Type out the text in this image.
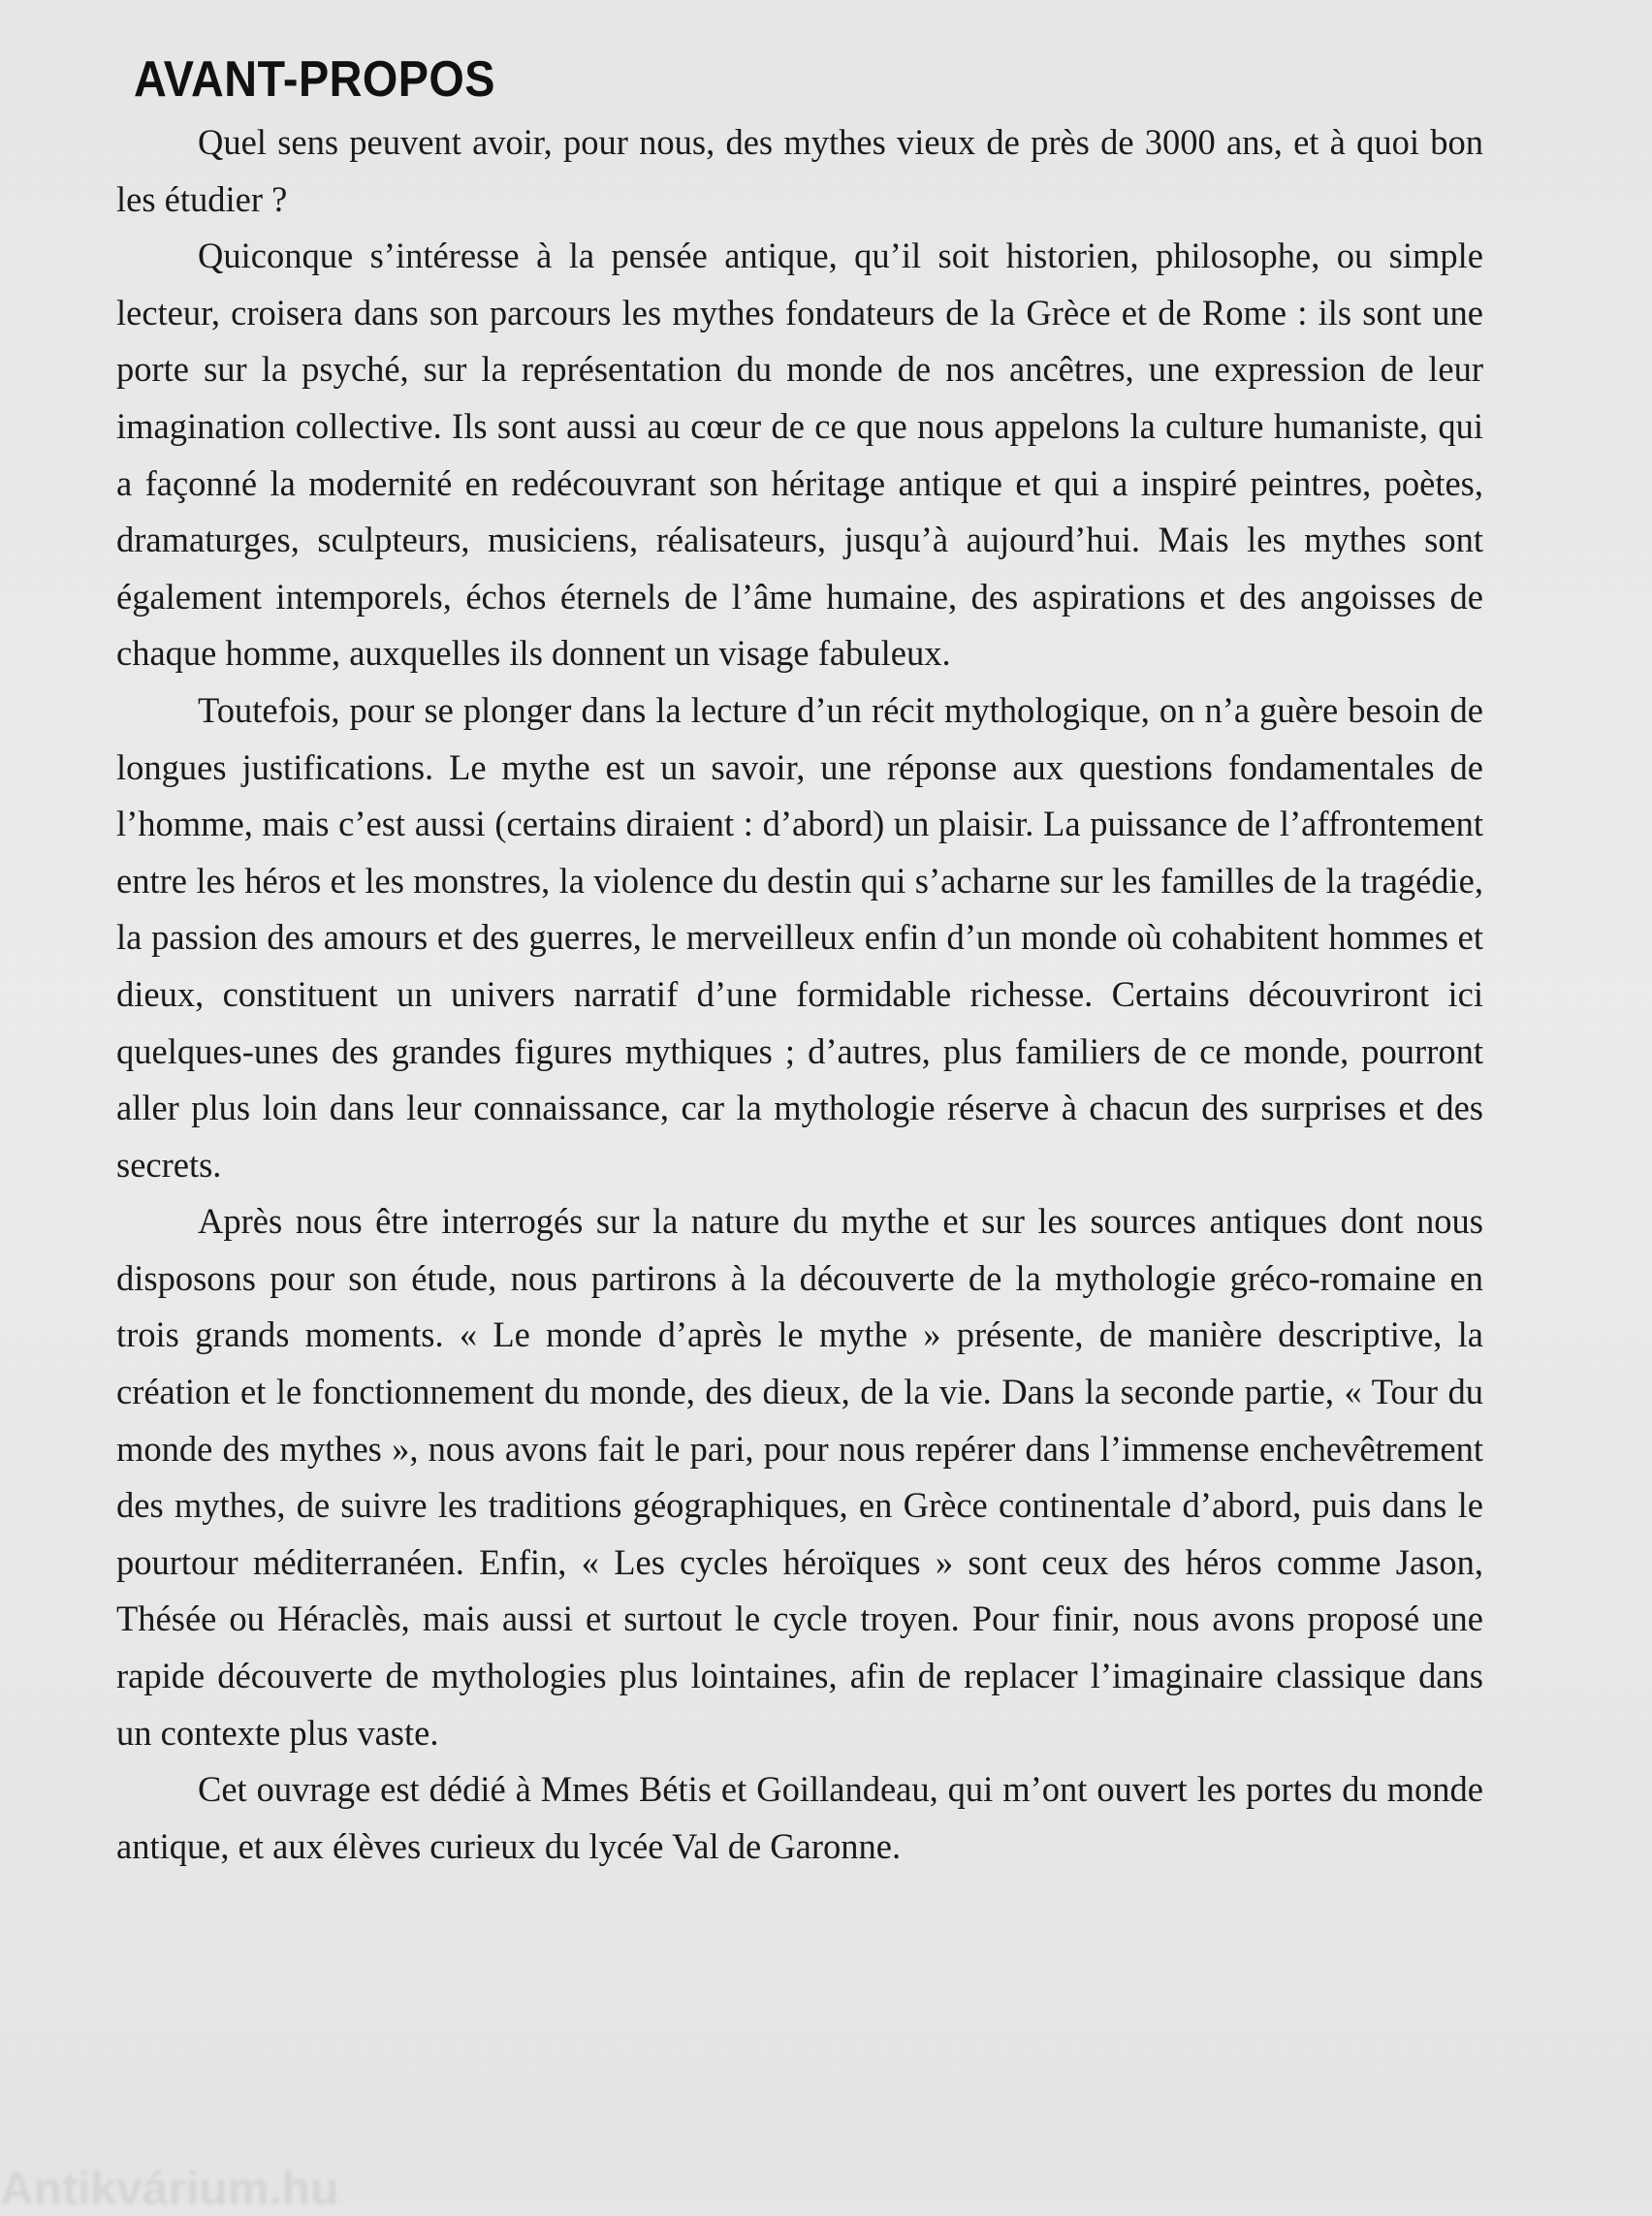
AVANT-PROPOS

Quel sens peuvent avoir, pour nous, des mythes vieux de près de 3000 ans, et à quoi bon les étudier ?

Quiconque s’intéresse à la pensée antique, qu’il soit historien, philosophe, ou simple lecteur, croisera dans son parcours les mythes fondateurs de la Grèce et de Rome : ils sont une porte sur la psyché, sur la représentation du monde de nos ancêtres, une expression de leur imagination collective. Ils sont aussi au cœur de ce que nous appelons la culture humaniste, qui a façonné la modernité en redécouvrant son héritage antique et qui a inspiré peintres, poètes, dramaturges, sculpteurs, musiciens, réalisateurs, jusqu’à aujourd’hui. Mais les mythes sont également intemporels, échos éternels de l’âme humaine, des aspirations et des angoisses de chaque homme, auxquelles ils donnent un visage fabuleux.

Toutefois, pour se plonger dans la lecture d’un récit mythologique, on n’a guère besoin de longues justifications. Le mythe est un savoir, une réponse aux questions fondamentales de l’homme, mais c’est aussi (certains diraient : d’abord) un plaisir. La puissance de l’affrontement entre les héros et les monstres, la violence du destin qui s’acharne sur les familles de la tragédie, la passion des amours et des guerres, le merveilleux enfin d’un monde où cohabitent hommes et dieux, constituent un univers narratif d’une formidable richesse. Certains découvriront ici quelques-unes des grandes figures mythiques ; d’autres, plus familiers de ce monde, pourront aller plus loin dans leur connaissance, car la mythologie réserve à chacun des surprises et des secrets.

Après nous être interrogés sur la nature du mythe et sur les sources antiques dont nous disposons pour son étude, nous partirons à la découverte de la mythologie gréco-romaine en trois grands moments. « Le monde d’après le mythe » présente, de manière descriptive, la création et le fonctionnement du monde, des dieux, de la vie. Dans la seconde partie, « Tour du monde des mythes », nous avons fait le pari, pour nous repérer dans l’immense enchevêtrement des mythes, de suivre les traditions géographiques, en Grèce continentale d’abord, puis dans le pourtour méditerranéen. Enfin, « Les cycles héroïques » sont ceux des héros comme Jason, Thésée ou Héraclès, mais aussi et surtout le cycle troyen. Pour finir, nous avons proposé une rapide découverte de mythologies plus lointaines, afin de replacer l’imaginaire classique dans un contexte plus vaste.

Cet ouvrage est dédié à Mmes Bétis et Goillandeau, qui m’ont ouvert les portes du monde antique, et aux élèves curieux du lycée Val de Garonne.

Antikvárium.hu
